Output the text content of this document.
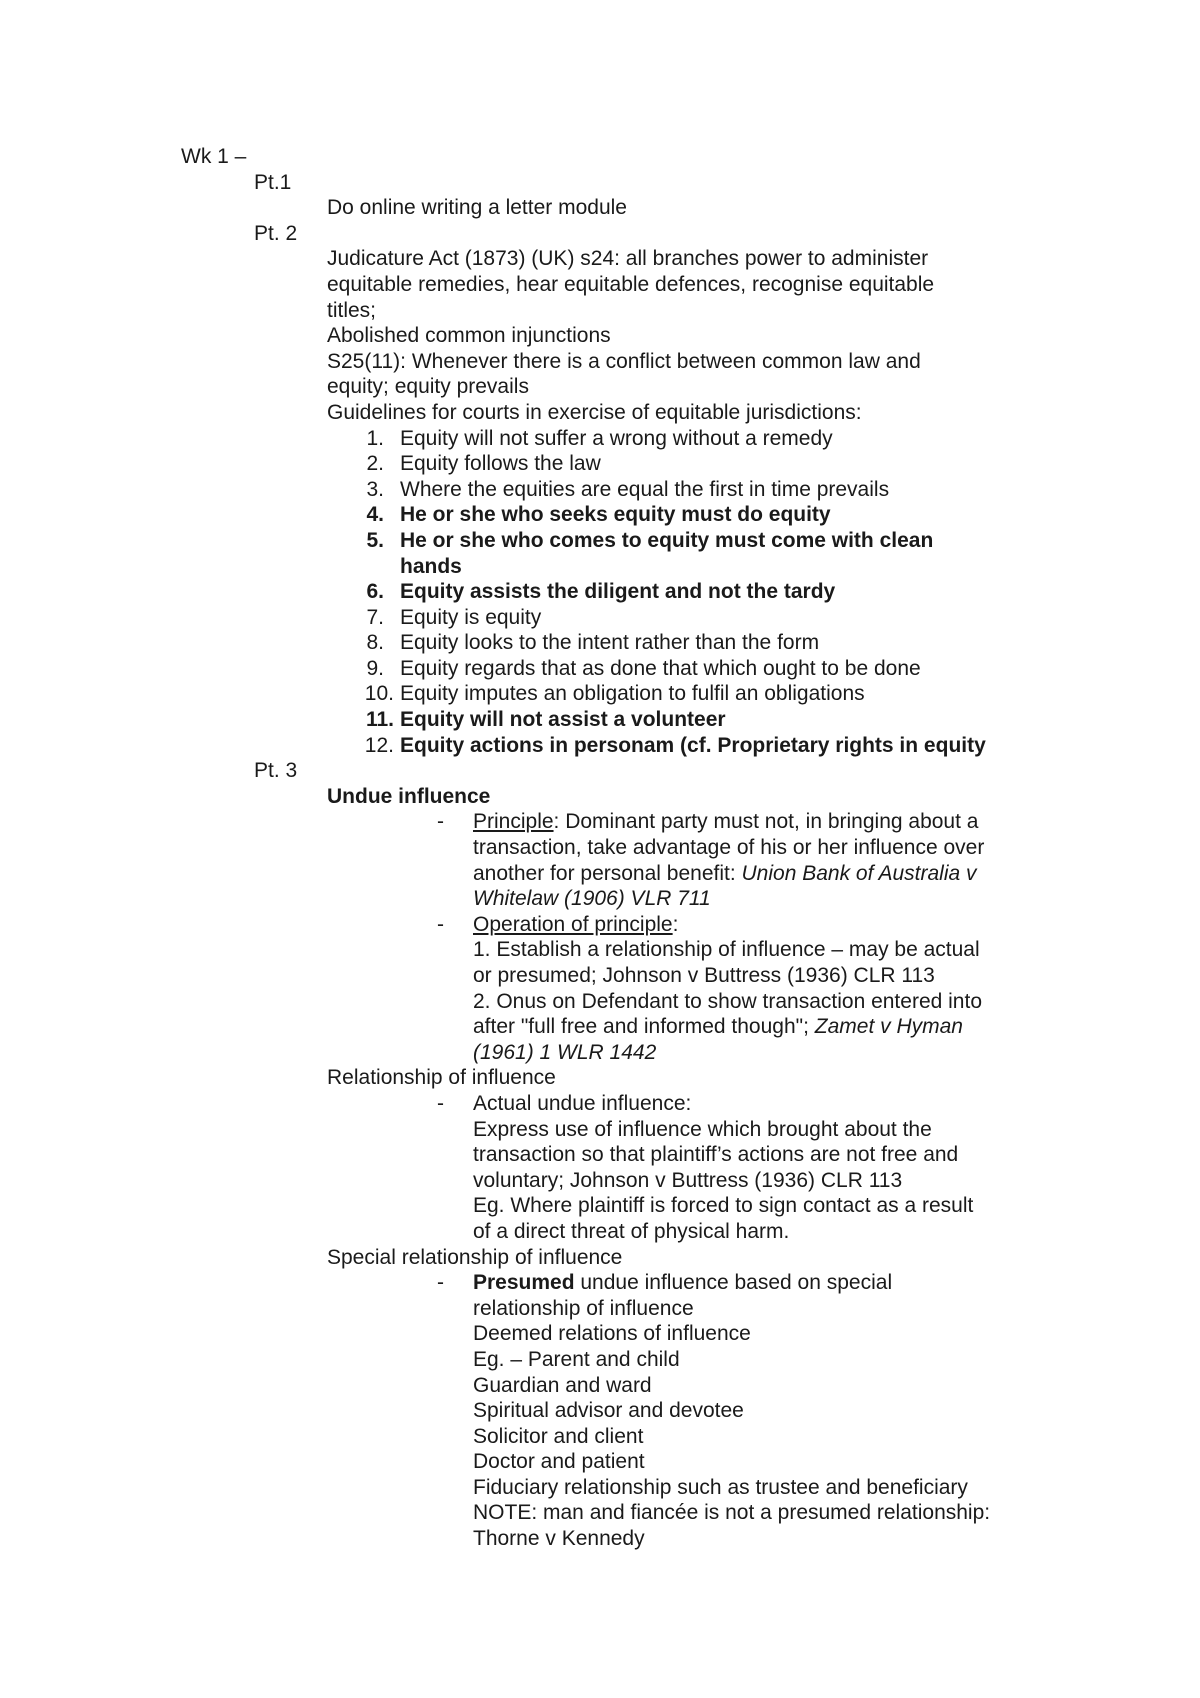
Wk 1 –
Pt.1
Do online writing a letter module
Pt. 2
Judicature Act (1873) (UK) s24: all branches power to administer
equitable remedies, hear equitable defences, recognise equitable
titles;
Abolished common injunctions
S25(11): Whenever there is a conflict between common law and
equity; equity prevails
Guidelines for courts in exercise of equitable jurisdictions:
1. Equity will not suffer a wrong without a remedy
2. Equity follows the law
3. Where the equities are equal the first in time prevails
4. He or she who seeks equity must do equity
5. He or she who comes to equity must come with clean
hands
6. Equity assists the diligent and not the tardy
7. Equity is equity
8. Equity looks to the intent rather than the form
9. Equity regards that as done that which ought to be done
10. Equity imputes an obligation to fulfil an obligations
11. Equity will not assist a volunteer
12. Equity actions in personam (cf. Proprietary rights in equity
Pt. 3
Undue influence
- Principle: Dominant party must not, in bringing about a
transaction, take advantage of his or her influence over
another for personal benefit: Union Bank of Australia v
Whitelaw (1906) VLR 711
- Operation of principle:
1. Establish a relationship of influence – may be actual
or presumed; Johnson v Buttress (1936) CLR 113
2. Onus on Defendant to show transaction entered into
after "full free and informed though"; Zamet v Hyman
(1961) 1 WLR 1442
Relationship of influence
- Actual undue influence:
Express use of influence which brought about the
transaction so that plaintiff’s actions are not free and
voluntary; Johnson v Buttress (1936) CLR 113
Eg. Where plaintiff is forced to sign contact as a result
of a direct threat of physical harm.
Special relationship of influence
- Presumed undue influence based on special
relationship of influence
Deemed relations of influence
Eg. – Parent and child
Guardian and ward
Spiritual advisor and devotee
Solicitor and client
Doctor and patient
Fiduciary relationship such as trustee and beneficiary
NOTE: man and fiancée is not a presumed relationship:
Thorne v Kennedy
